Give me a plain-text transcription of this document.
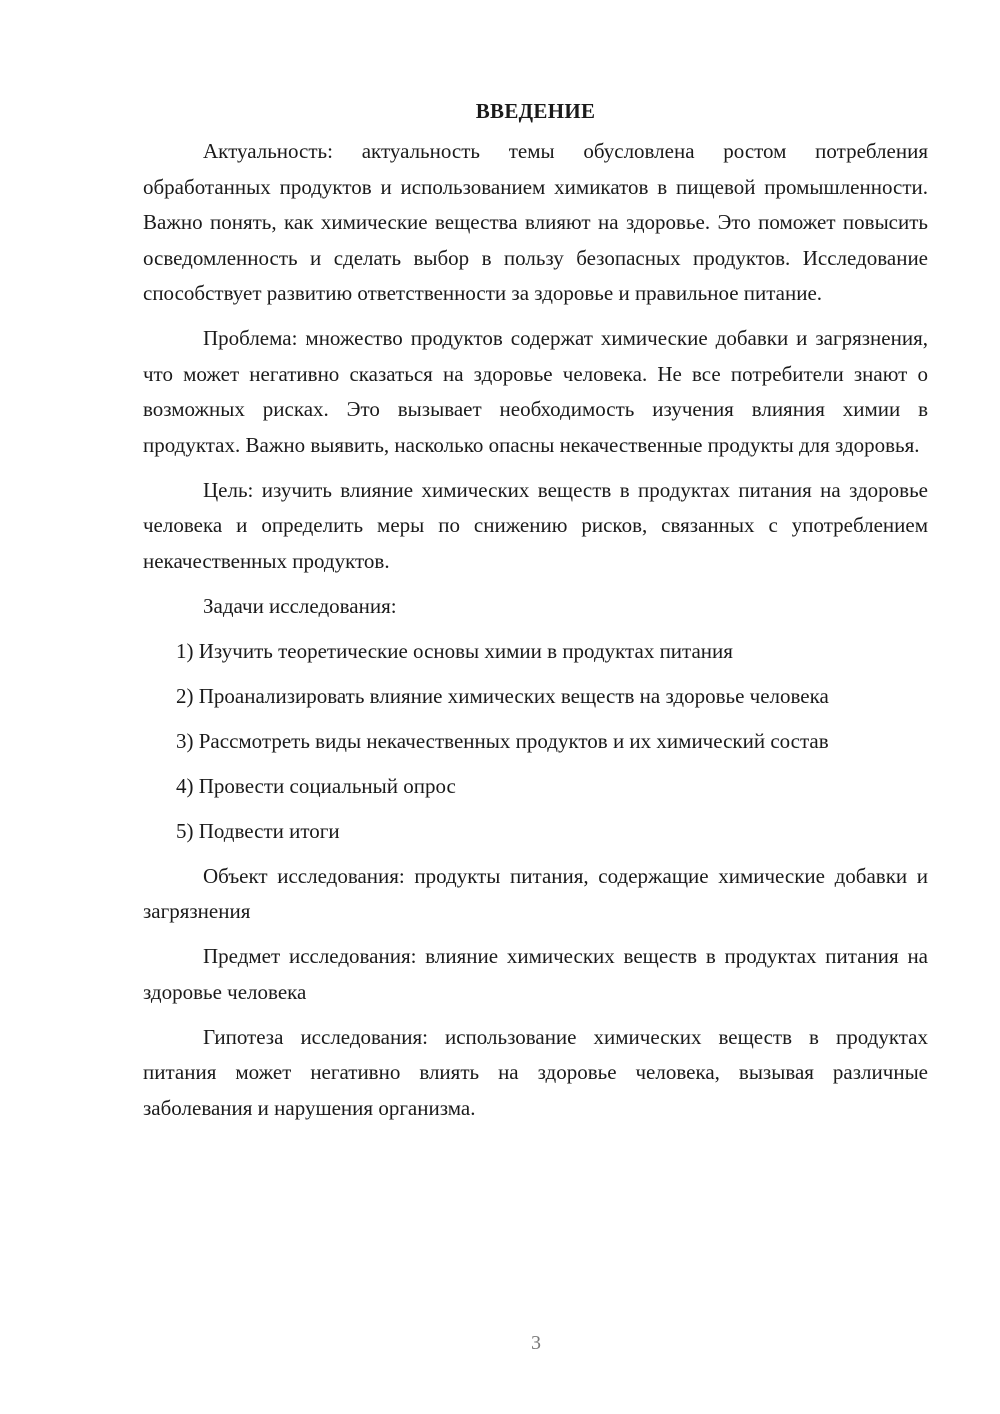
ВВЕДЕНИЕ

Актуальность: актуальность темы обусловлена ростом потребления обработанных продуктов и использованием химикатов в пищевой промышленности. Важно понять, как химические вещества влияют на здоровье. Это поможет повысить осведомленность и сделать выбор в пользу безопасных продуктов. Исследование способствует развитию ответственности за здоровье и правильное питание.

Проблема: множество продуктов содержат химические добавки и загрязнения, что может негативно сказаться на здоровье человека. Не все потребители знают о возможных рисках. Это вызывает необходимость изучения влияния химии в продуктах. Важно выявить, насколько опасны некачественные продукты для здоровья.

Цель: изучить влияние химических веществ в продуктах питания на здоровье человека и определить меры по снижению рисков, связанных с употреблением некачественных продуктов.

Задачи исследования:

1) Изучить теоретические основы химии в продуктах питания

2) Проанализировать влияние химических веществ на здоровье человека

3) Рассмотреть виды некачественных продуктов и их химический состав

4) Провести социальный опрос

5) Подвести итоги

Объект исследования: продукты питания, содержащие химические добавки и загрязнения

Предмет исследования: влияние химических веществ в продуктах питания на здоровье человека

Гипотеза исследования: использование химических веществ в продуктах питания может негативно влиять на здоровье человека, вызывая различные заболевания и нарушения организма.

3
